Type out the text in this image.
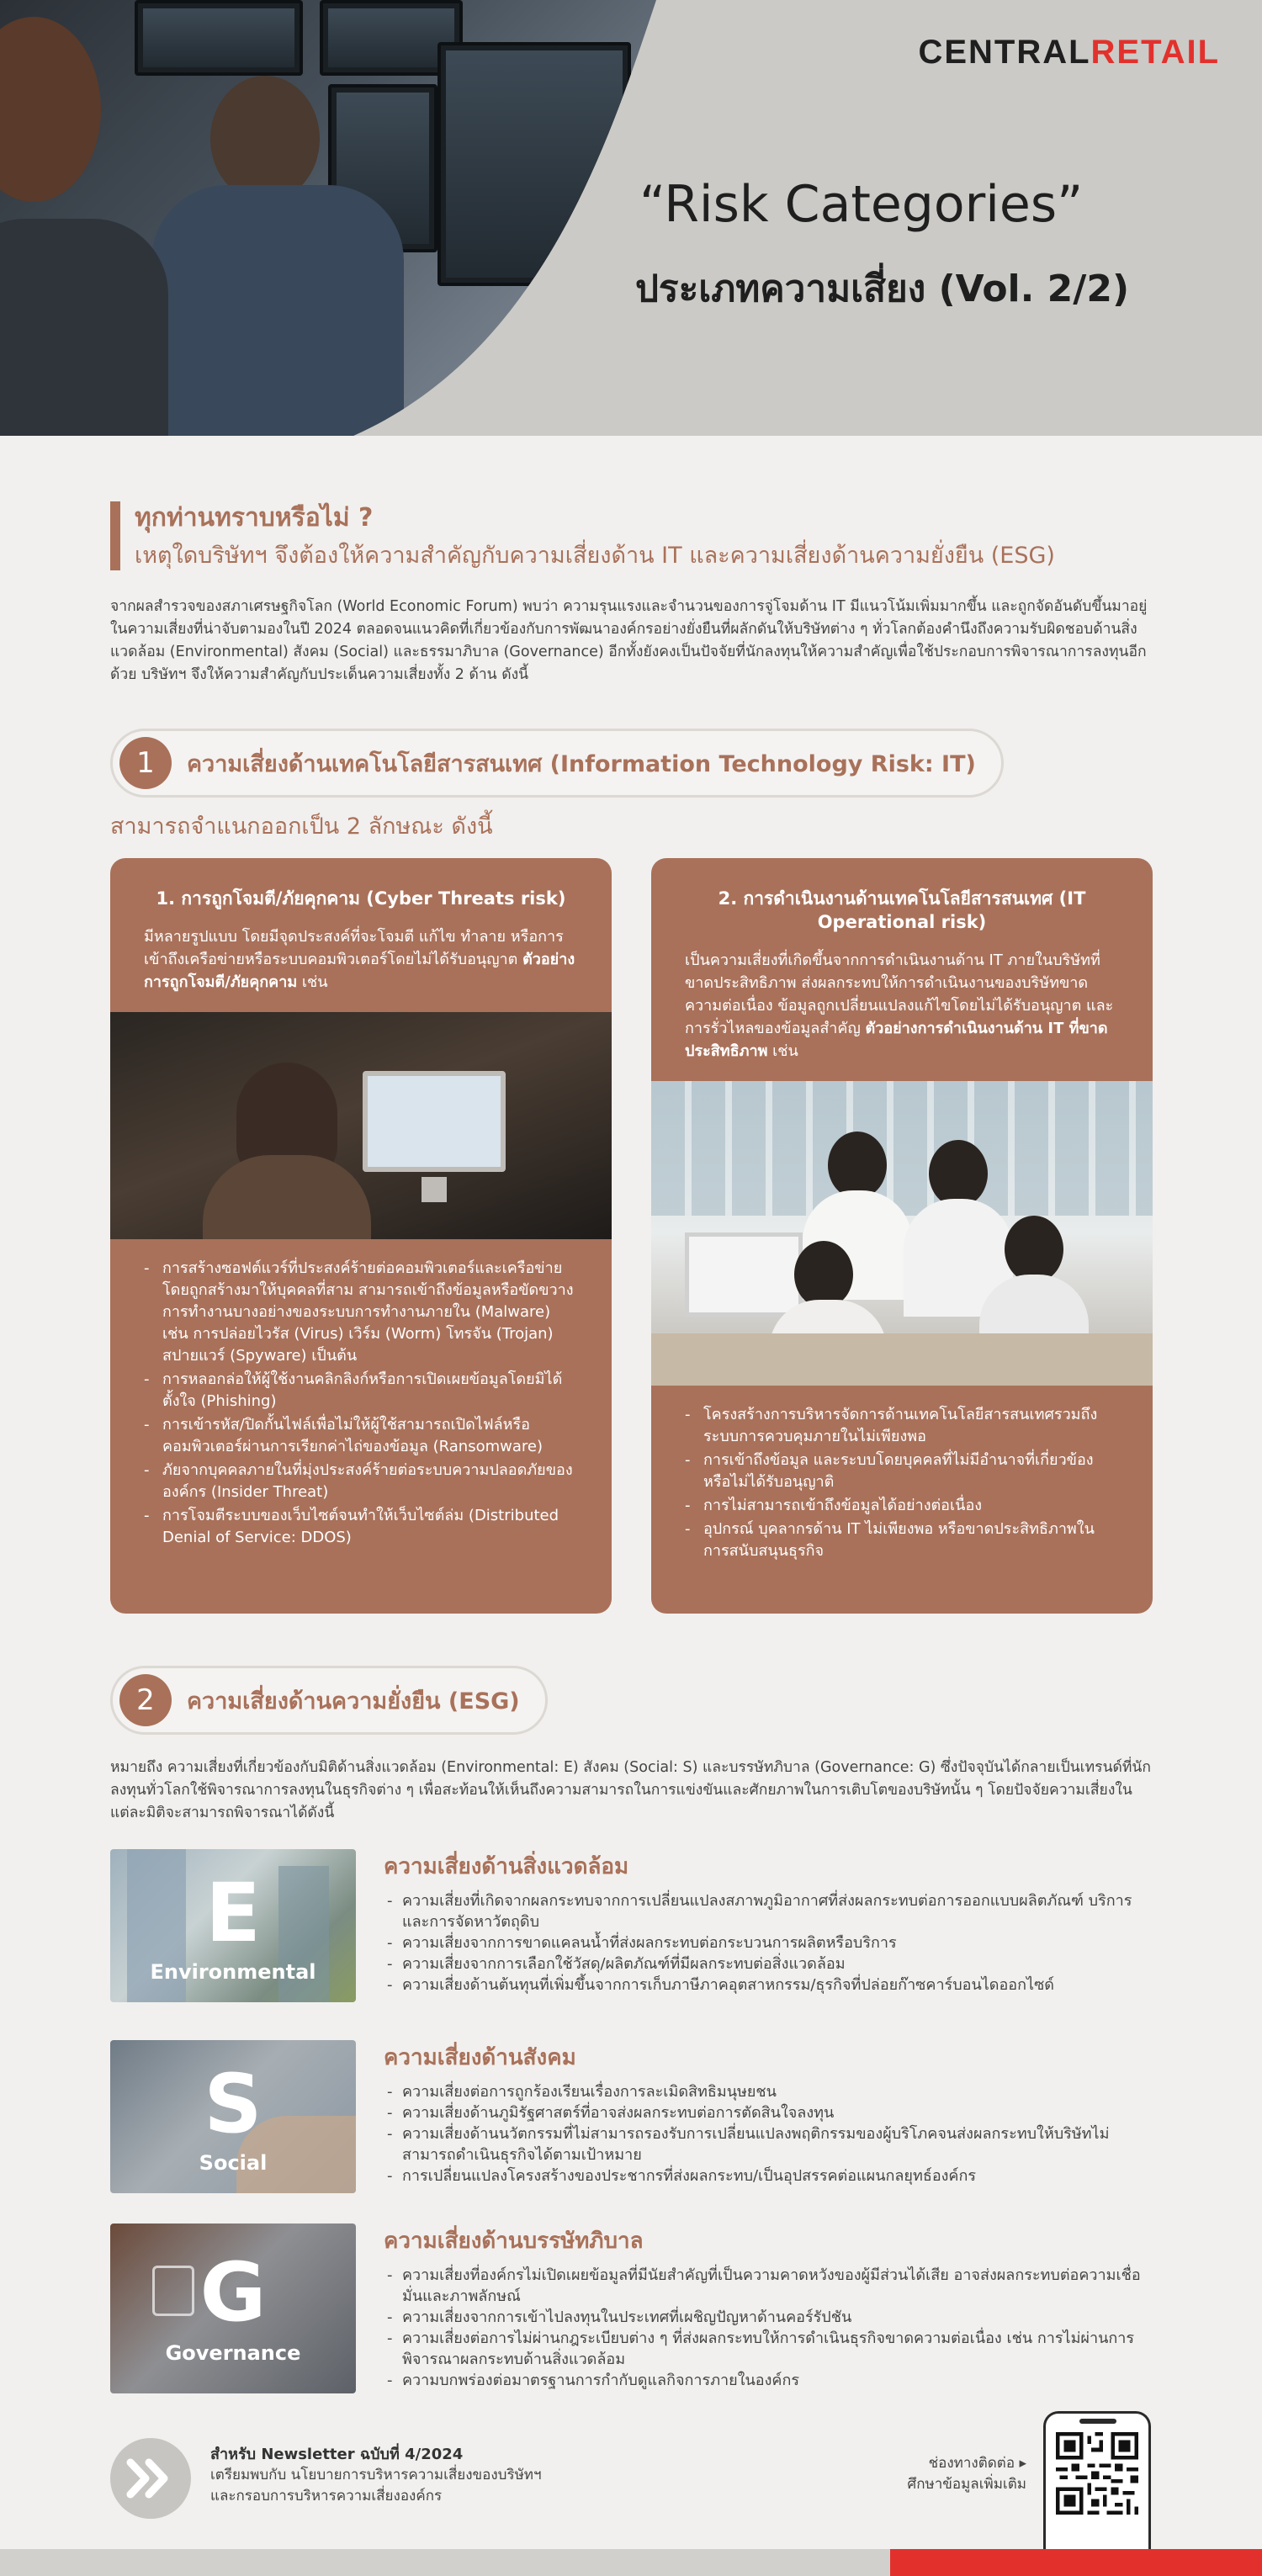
CENTRALRETAIL
“Risk Categories”
ประเภทความเสี่ยง (Vol. 2/2)
ทุกท่านทราบหรือไม่ ?
เหตุใดบริษัทฯ จึงต้องให้ความสำคัญกับความเสี่ยงด้าน IT และความเสี่ยงด้านความยั่งยืน (ESG)
จากผลสำรวจของสภาเศรษฐกิจโลก (World Economic Forum) พบว่า ความรุนแรงและจำนวนของการจู่โจมด้าน IT มีแนวโน้มเพิ่มมากขึ้น และถูกจัดอันดับขึ้นมาอยู่ในความเสี่ยงที่น่าจับตามองในปี 2024 ตลอดจนแนวคิดที่เกี่ยวข้องกับการพัฒนาองค์กรอย่างยั่งยืนที่ผลักดันให้บริษัทต่าง ๆ ทั่วโลกต้องคำนึงถึงความรับผิดชอบด้านสิ่งแวดล้อม (Environmental) สังคม (Social) และธรรมาภิบาล (Governance) อีกทั้งยังคงเป็นปัจจัยที่นักลงทุนให้ความสำคัญเพื่อใช้ประกอบการพิจารณาการลงทุนอีกด้วย บริษัทฯ จึงให้ความสำคัญกับประเด็นความเสี่ยงทั้ง 2 ด้าน ดังนี้
1	ความเสี่ยงด้านเทคโนโลยีสารสนเทศ (Information Technology Risk: IT)
สามารถจำแนกออกเป็น 2 ลักษณะ ดังนี้
1. การถูกโจมตี/ภัยคุกคาม (Cyber Threats risk)
มีหลายรูปแบบ โดยมีจุดประสงค์ที่จะโจมตี แก้ไข ทำลาย หรือการเข้าถึงเครือข่ายหรือระบบคอมพิวเตอร์โดยไม่ได้รับอนุญาต ตัวอย่างการถูกโจมตี/ภัยคุกคาม เช่น
- การสร้างซอฟต์แวร์ที่ประสงค์ร้ายต่อคอมพิวเตอร์และเครือข่าย โดยถูกสร้างมาให้บุคคลที่สาม สามารถเข้าถึงข้อมูลหรือขัดขวางการทำงานบางอย่างของระบบการทำงานภายใน (Malware) เช่น การปล่อยไวรัส (Virus) เวิร์ม (Worm) โทรจัน (Trojan) สปายแวร์ (Spyware) เป็นต้น
- การหลอกล่อให้ผู้ใช้งานคลิกลิงก์หรือการเปิดเผยข้อมูลโดยมิได้ตั้งใจ (Phishing)
- การเข้ารหัส/ปิดกั้นไฟล์เพื่อไม่ให้ผู้ใช้สามารถเปิดไฟล์หรือคอมพิวเตอร์ผ่านการเรียกค่าไถ่ของข้อมูล (Ransomware)
- ภัยจากบุคคลภายในที่มุ่งประสงค์ร้ายต่อระบบความปลอดภัยขององค์กร (Insider Threat)
- การโจมตีระบบของเว็บไซต์จนทำให้เว็บไซต์ล่ม (Distributed Denial of Service: DDOS)
2. การดำเนินงานด้านเทคโนโลยีสารสนเทศ (IT Operational risk)
เป็นความเสี่ยงที่เกิดขึ้นจากการดำเนินงานด้าน IT ภายในบริษัทที่ขาดประสิทธิภาพ ส่งผลกระทบให้การดำเนินงานของบริษัทขาดความต่อเนื่อง ข้อมูลถูกเปลี่ยนแปลงแก้ไขโดยไม่ได้รับอนุญาต และการรั่วไหลของข้อมูลสำคัญ ตัวอย่างการดำเนินงานด้าน IT ที่ขาดประสิทธิภาพ เช่น
- โครงสร้างการบริหารจัดการด้านเทคโนโลยีสารสนเทศรวมถึงระบบการควบคุมภายในไม่เพียงพอ
- การเข้าถึงข้อมูล และระบบโดยบุคคลที่ไม่มีอำนาจที่เกี่ยวข้องหรือไม่ได้รับอนุญาติ
- การไม่สามารถเข้าถึงข้อมูลได้อย่างต่อเนื่อง
- อุปกรณ์ บุคลากรด้าน IT ไม่เพียงพอ หรือขาดประสิทธิภาพในการสนับสนุนธุรกิจ
2	ความเสี่ยงด้านความยั่งยืน (ESG)
หมายถึง ความเสี่ยงที่เกี่ยวข้องกับมิติด้านสิ่งแวดล้อม (Environmental: E) สังคม (Social: S) และบรรษัทภิบาล (Governance: G) ซึ่งปัจจุบันได้กลายเป็นเทรนด์ที่นักลงทุนทั่วโลกใช้พิจารณาการลงทุนในธุรกิจต่าง ๆ เพื่อสะท้อนให้เห็นถึงความสามารถในการแข่งขันและศักยภาพในการเติบโตของบริษัทนั้น ๆ โดยปัจจัยความเสี่ยงในแต่ละมิติจะสามารถพิจารณาได้ดังนี้
E
Environmental
ความเสี่ยงด้านสิ่งแวดล้อม
- ความเสี่ยงที่เกิดจากผลกระทบจากการเปลี่ยนแปลงสภาพภูมิอากาศที่ส่งผลกระทบต่อการออกแบบผลิตภัณฑ์ บริการและการจัดหาวัตถุดิบ
- ความเสี่ยงจากการขาดแคลนน้ำที่ส่งผลกระทบต่อกระบวนการผลิตหรือบริการ
- ความเสี่ยงจากการเลือกใช้วัสดุ/ผลิตภัณฑ์ที่มีผลกระทบต่อสิ่งแวดล้อม
- ความเสี่ยงด้านต้นทุนที่เพิ่มขึ้นจากการเก็บภาษีภาคอุตสาหกรรม/ธุรกิจที่ปล่อยก๊าซคาร์บอนไดออกไซด์
S
Social
ความเสี่ยงด้านสังคม
- ความเสี่ยงต่อการถูกร้องเรียนเรื่องการละเมิดสิทธิมนุษยชน
- ความเสี่ยงด้านภูมิรัฐศาสตร์ที่อาจส่งผลกระทบต่อการตัดสินใจลงทุน
- ความเสี่ยงด้านนวัตกรรมที่ไม่สามารถรองรับการเปลี่ยนแปลงพฤติกรรมของผู้บริโภคจนส่งผลกระทบให้บริษัทไม่สามารถดำเนินธุรกิจได้ตามเป้าหมาย
- การเปลี่ยนแปลงโครงสร้างของประชากรที่ส่งผลกระทบ/เป็นอุปสรรคต่อแผนกลยุทธ์องค์กร
G
Governance
ความเสี่ยงด้านบรรษัทภิบาล
- ความเสี่ยงที่องค์กรไม่เปิดเผยข้อมูลที่มีนัยสำคัญที่เป็นความคาดหวังของผู้มีส่วนได้เสีย อาจส่งผลกระทบต่อความเชื่อมั่นและภาพลักษณ์
- ความเสี่ยงจากการเข้าไปลงทุนในประเทศที่เผชิญปัญหาด้านคอร์รัปชัน
- ความเสี่ยงต่อการไม่ผ่านกฎระเบียบต่าง ๆ ที่ส่งผลกระทบให้การดำเนินธุรกิจขาดความต่อเนื่อง เช่น การไม่ผ่านการพิจารณาผลกระทบด้านสิ่งแวดล้อม
- ความบกพร่องต่อมาตรฐานการกำกับดูแลกิจการภายในองค์กร
สำหรับ Newsletter ฉบับที่ 4/2024
เตรียมพบกับ นโยบายการบริหารความเสี่ยงของบริษัทฯ
และกรอบการบริหารความเสี่ยงองค์กร
ช่องทางติดต่อ ▸
ศึกษาข้อมูลเพิ่มเติม
